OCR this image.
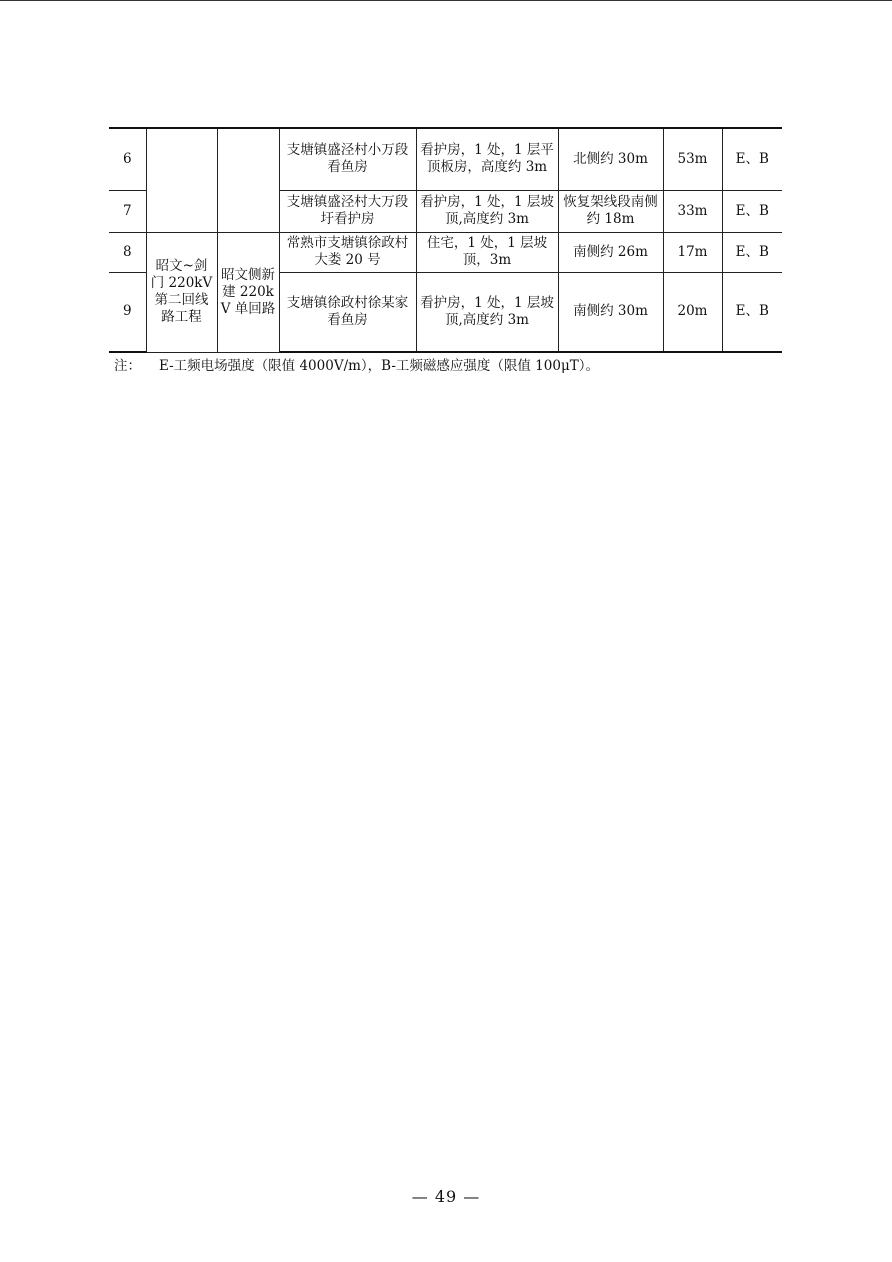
6			支塘镇盛泾村小万段看鱼房	看护房，1 处，1 层平顶板房，高度约 3m	北侧约 30m	53m	E、B
7			支塘镇盛泾村大万段圩看护房	看护房，1 处，1 层坡顶,高度约 3m	恢复架线段南侧约 18m	33m	E、B
8	昭文~剑门 220kV 第二回线路工程	昭文侧新建 220kV 单回路	常熟市支塘镇徐政村大娄 20 号	住宅，1 处，1 层坡顶，3m	南侧约 26m	17m	E、B
9			支塘镇徐政村徐某家看鱼房	看护房，1 处，1 层坡顶,高度约 3m	南侧约 30m	20m	E、B
注： E-工频电场强度（限值 4000V/m），B-工频磁感应强度（限值 100μT）。
— 49 —
